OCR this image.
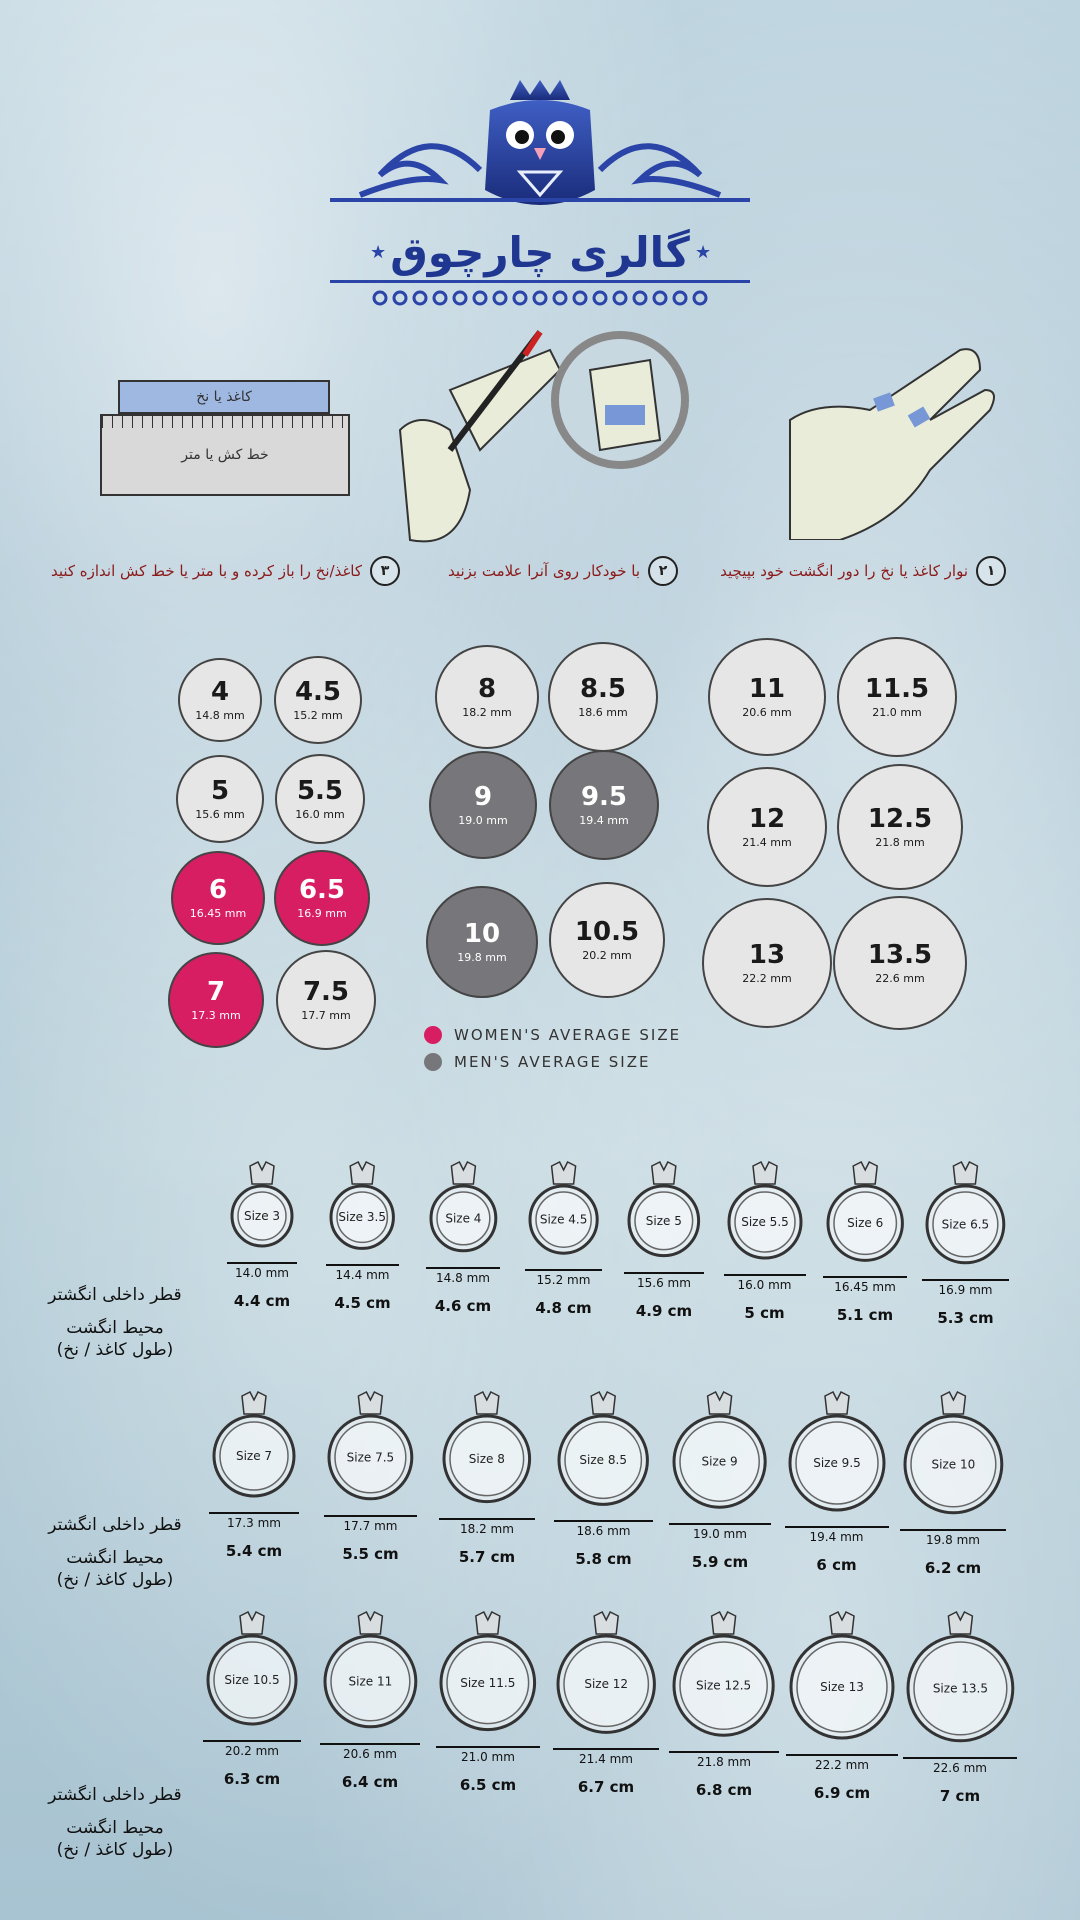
★	★
گالری چارچوق
کاغذ یا نخ
خط کش یا متر
۱
نوار کاغذ یا نخ را دور انگشت خود بپیچید
۲
با خودکار روی آنرا علامت بزنید
۳
کاغذ/نخ را باز کرده و با متر یا خط کش اندازه کنید
4
14.8 mm
4.5
15.2 mm
5
15.6 mm
5.5
16.0 mm
6
16.45 mm
6.5
16.9 mm
7
17.3 mm
7.5
17.7 mm
8
18.2 mm
8.5
18.6 mm
9
19.0 mm
9.5
19.4 mm
10
19.8 mm
10.5
20.2 mm
11
20.6 mm
11.5
21.0 mm
12
21.4 mm
12.5
21.8 mm
13
22.2 mm
13.5
22.6 mm
WOMEN'S AVERAGE SIZE
MEN'S AVERAGE SIZE
Size 3
14.0 mm
4.4 cm
Size 3.5
14.4 mm
4.5 cm
Size 4
14.8 mm
4.6 cm
Size 4.5
15.2 mm
4.8 cm
Size 5
15.6 mm
4.9 cm
Size 5.5
16.0 mm
5 cm
Size 6
16.45 mm
5.1 cm
Size 6.5
16.9 mm
5.3 cm
Size 7
17.3 mm
5.4 cm
Size 7.5
17.7 mm
5.5 cm
Size 8
18.2 mm
5.7 cm
Size 8.5
18.6 mm
5.8 cm
Size 9
19.0 mm
5.9 cm
Size 9.5
19.4 mm
6 cm
Size 10
19.8 mm
6.2 cm
Size 10.5
20.2 mm
6.3 cm
Size 11
20.6 mm
6.4 cm
Size 11.5
21.0 mm
6.5 cm
Size 12
21.4 mm
6.7 cm
Size 12.5
21.8 mm
6.8 cm
Size 13
22.2 mm
6.9 cm
Size 13.5
22.6 mm
7 cm
قطر داخلی انگشتر
محیط انگشت
(طول کاغذ / نخ)
قطر داخلی انگشتر
محیط انگشت
(طول کاغذ / نخ)
قطر داخلی انگشتر
محیط انگشت
(طول کاغذ / نخ)
